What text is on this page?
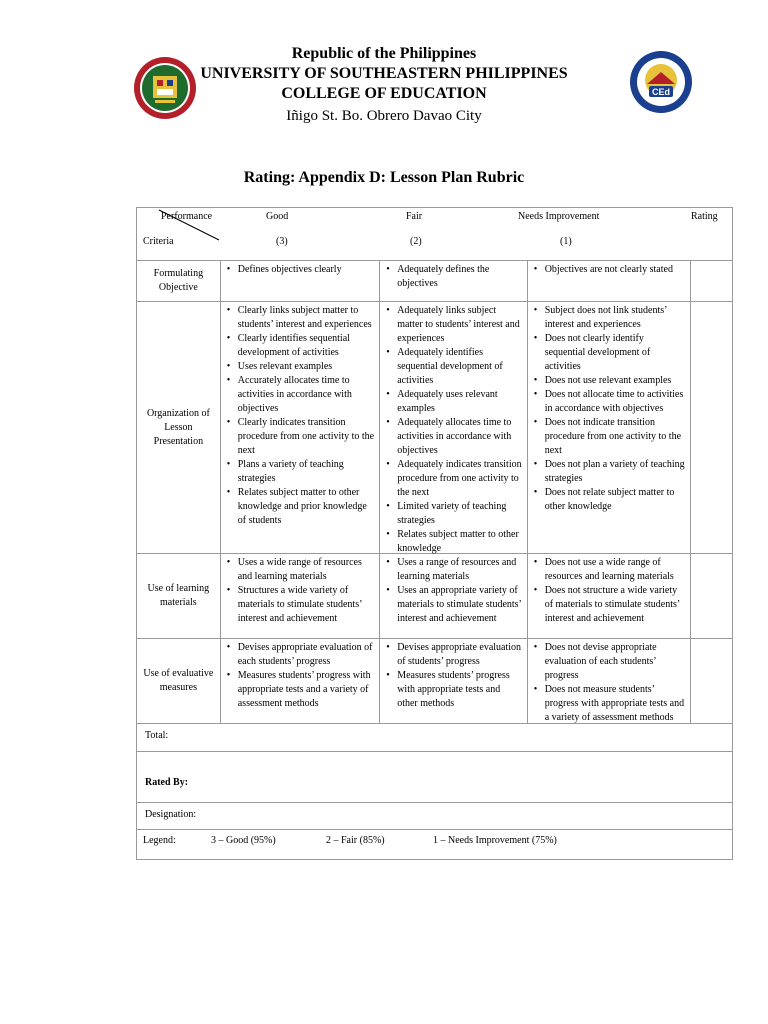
Republic of the Philippines
UNIVERSITY OF SOUTHEASTERN PHILIPPINES
COLLEGE OF EDUCATION
Iñigo St. Bo. Obrero Davao City
CEd
Rating: Appendix D: Lesson Plan Rubric
Performance
Criteria
Good
(3)
Fair
(2)
Needs Improvement
(1)
Rating
Formulating Objective
• Defines objectives clearly
•	Adequately defines the objectives
• Objectives are not clearly stated
Organization of Lesson Presentation
• Clearly links subject matter to students’ interest and experiences
• Clearly identifies sequential development of activities
• Uses relevant examples
• Accurately allocates time to activities in accordance with objectives
• Clearly indicates transition procedure from one activity to the next
• Plans a variety of teaching strategies
• Relates subject matter to other knowledge and prior knowledge of students
• Adequately links subject matter to students’ interest and experiences
• Adequately identifies sequential development of activities
• Adequately uses relevant examples
• Adequately allocates time to activities in accordance with objectives
• Adequately indicates transition procedure from one activity to the next
• Limited variety of teaching strategies
• Relates subject matter to other knowledge
• Subject does not link students’ interest and experiences
• Does not clearly identify sequential development of activities
• Does not use relevant examples
• Does not allocate time to activities in accordance with objectives
• Does not indicate transition procedure from one activity to the next
• Does not plan a variety of teaching strategies
• Does not relate subject matter to other knowledge
Use of learning materials
• Uses a wide range of resources and learning materials
• Structures a wide variety of materials to stimulate students’ interest and achievement
• Uses a range of resources and learning materials
• Uses an appropriate variety of materials to stimulate students’ interest and achievement
• Does not use a wide range of resources and learning materials
• Does not structure a wide variety of materials to stimulate students’ interest and achievement
Use of evaluative measures
• Devises appropriate evaluation of each students’ progress
• Measures students’ progress with appropriate tests and a variety of assessment methods
• Devises appropriate evaluation of students’ progress
• Measures students’ progress with appropriate tests and other methods
• Does not devise appropriate evaluation of each students’ progress
• Does not measure students’ progress with appropriate tests and a variety of assessment methods
Total:
Rated By:
Designation:
Legend:	3 – Good (95%)	2 – Fair (85%)	1 – Needs Improvement (75%)
